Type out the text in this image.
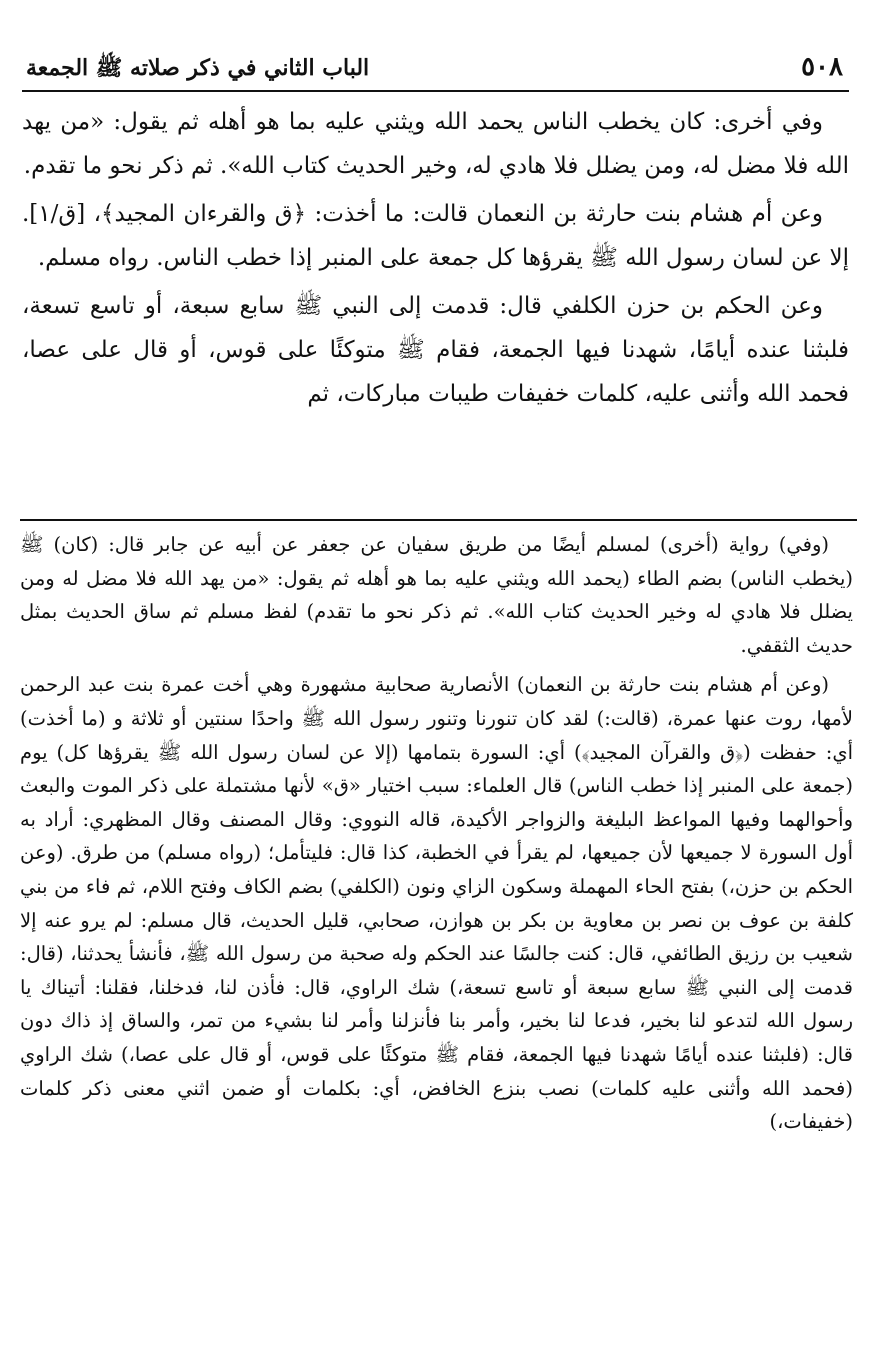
٥٠٨
الباب الثاني في ذكر صلاته ﷺ الجمعة

وفي أخرى: كان يخطب الناس يحمد الله ويثني عليه بما هو أهله ثم يقول: «من يهد الله فلا مضل له، ومن يضلل فلا هادي له، وخير الحديث كتاب الله». ثم ذكر نحو ما تقدم.

وعن أم هشام بنت حارثة بن النعمان قالت: ما أخذت: ﴿ق والقرءان المجيد﴾، [ق/١]. إلا عن لسان رسول الله ﷺ يقرؤها كل جمعة على المنبر إذا خطب الناس. رواه مسلم.

وعن الحكم بن حزن الكلفي قال: قدمت إلى النبي ﷺ سابع سبعة، أو تاسع تسعة، فلبثنا عنده أيامًا، شهدنا فيها الجمعة، فقام ﷺ متوكئًا على قوس، أو قال على عصا، فحمد الله وأثنى عليه، كلمات خفيفات طيبات مباركات، ثم

(وفي) رواية (أخرى) لمسلم أيضًا من طريق سفيان عن جعفر عن أبيه عن جابر قال: (كان) ﷺ (يخطب الناس) بضم الطاء (يحمد الله ويثني عليه بما هو أهله ثم يقول: «من يهد الله فلا مضل له ومن يضلل فلا هادي له وخير الحديث كتاب الله». ثم ذكر نحو ما تقدم) لفظ مسلم ثم ساق الحديث بمثل حديث الثقفي.

(وعن أم هشام بنت حارثة بن النعمان) الأنصارية صحابية مشهورة وهي أخت عمرة بنت عبد الرحمن لأمها، روت عنها عمرة، (قالت:) لقد كان تنورنا وتنور رسول الله ﷺ واحدًا سنتين أو ثلاثة و (ما أخذت) أي: حفظت (﴿ق والقرآن المجيد﴾) أي: السورة بتمامها (إلا عن لسان رسول الله ﷺ يقرؤها كل) يوم (جمعة على المنبر إذا خطب الناس) قال العلماء: سبب اختيار «ق» لأنها مشتملة على ذكر الموت والبعث وأحوالهما وفيها المواعظ البليغة والزواجر الأكيدة، قاله النووي: وقال المصنف وقال المظهري: أراد به أول السورة لا جميعها لأن جميعها، لم يقرأ في الخطبة، كذا قال: فليتأمل؛ (رواه مسلم) من طرق. (وعن الحكم بن حزن،) بفتح الحاء المهملة وسكون الزاي ونون (الكلفي) بضم الكاف وفتح اللام، ثم فاء من بني كلفة بن عوف بن نصر بن معاوية بن بكر بن هوازن، صحابي، قليل الحديث، قال مسلم: لم يرو عنه إلا شعيب بن رزيق الطائفي، قال: كنت جالسًا عند الحكم وله صحبة من رسول الله ﷺ، فأنشأ يحدثنا، (قال: قدمت إلى النبي ﷺ سابع سبعة أو تاسع تسعة،) شك الراوي، قال: فأذن لنا، فدخلنا، فقلنا: أتيناك يا رسول الله لتدعو لنا بخير، فدعا لنا بخير، وأمر بنا فأنزلنا وأمر لنا بشيء من تمر، والساق إذ ذاك دون قال: (فلبثنا عنده أيامًا شهدنا فيها الجمعة، فقام ﷺ متوكئًا على قوس، أو قال على عصا،) شك الراوي (فحمد الله وأثنى عليه كلمات) نصب بنزع الخافض، أي: بكلمات أو ضمن اثني معنى ذكر كلمات (خفيفات،)
